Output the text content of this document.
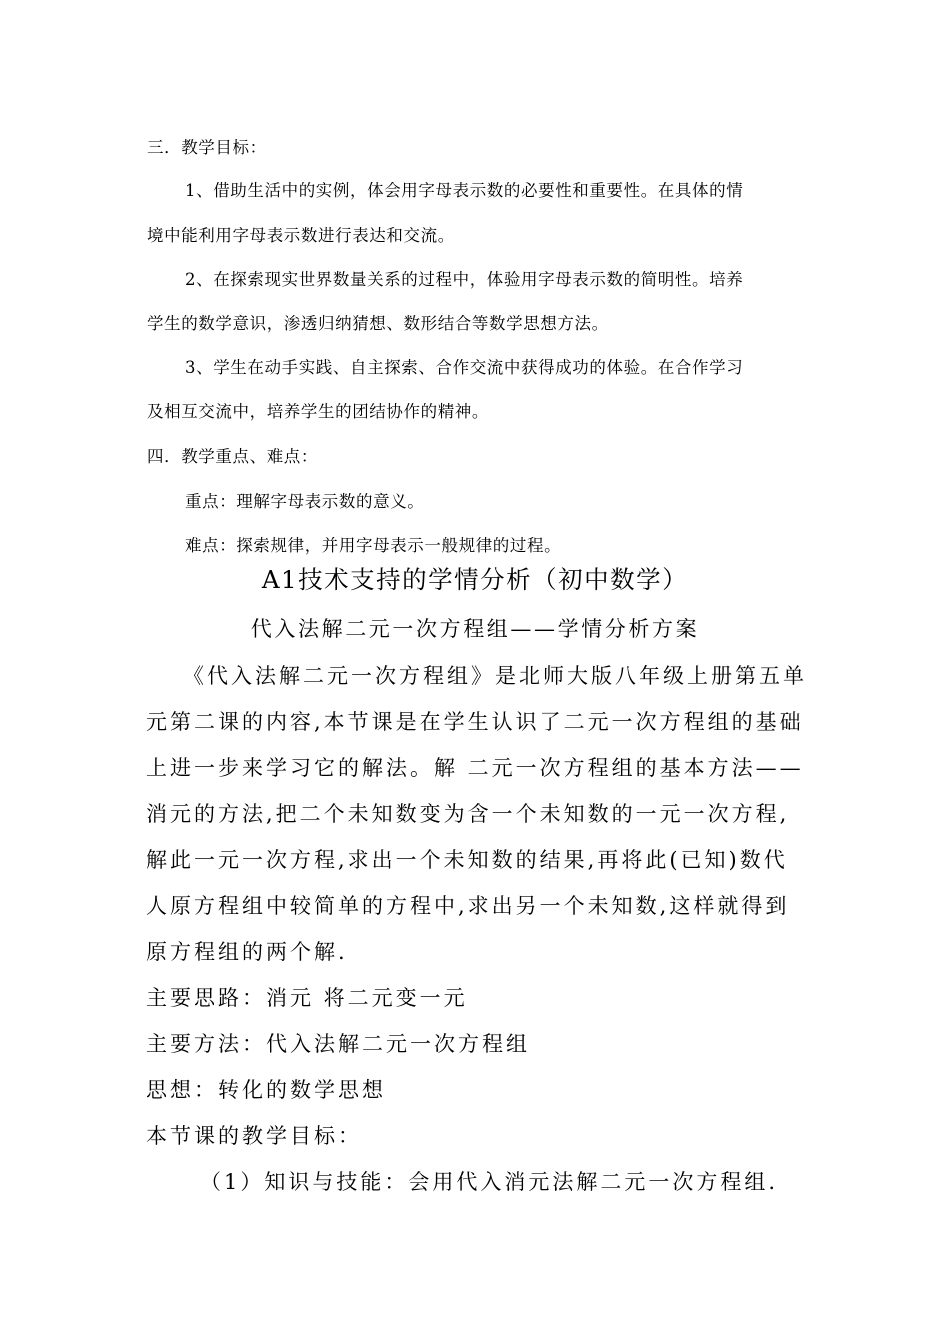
三．教学目标：
1、借助生活中的实例，体会用字母表示数的必要性和重要性。在具体的情
境中能利用字母表示数进行表达和交流。
2、在探索现实世界数量关系的过程中，体验用字母表示数的简明性。培养
学生的数学意识，渗透归纳猜想、数形结合等数学思想方法。
3、学生在动手实践、自主探索、合作交流中获得成功的体验。在合作学习
及相互交流中，培养学生的团结协作的精神。
四．教学重点、难点：
重点：理解字母表示数的意义。
难点：探索规律，并用字母表示一般规律的过程。
A1技术支持的学情分析（初中数学）
代入法解二元一次方程组——学情分析方案
《代入法解二元一次方程组》是北师大版八年级上册第五单
元第二课的内容,本节课是在学生认识了二元一次方程组的基础
上进一步来学习它的解法。解 二元一次方程组的基本方法——
消元的方法,把二个未知数变为含一个未知数的一元一次方程,
解此一元一次方程,求出一个未知数的结果,再将此(已知)数代
人原方程组中较简单的方程中,求出另一个未知数,这样就得到
原方程组的两个解.
主要思路：消元 将二元变一元
主要方法：代入法解二元一次方程组
思想：转化的数学思想
本节课的教学目标：
（1）知识与技能：会用代入消元法解二元一次方程组.
